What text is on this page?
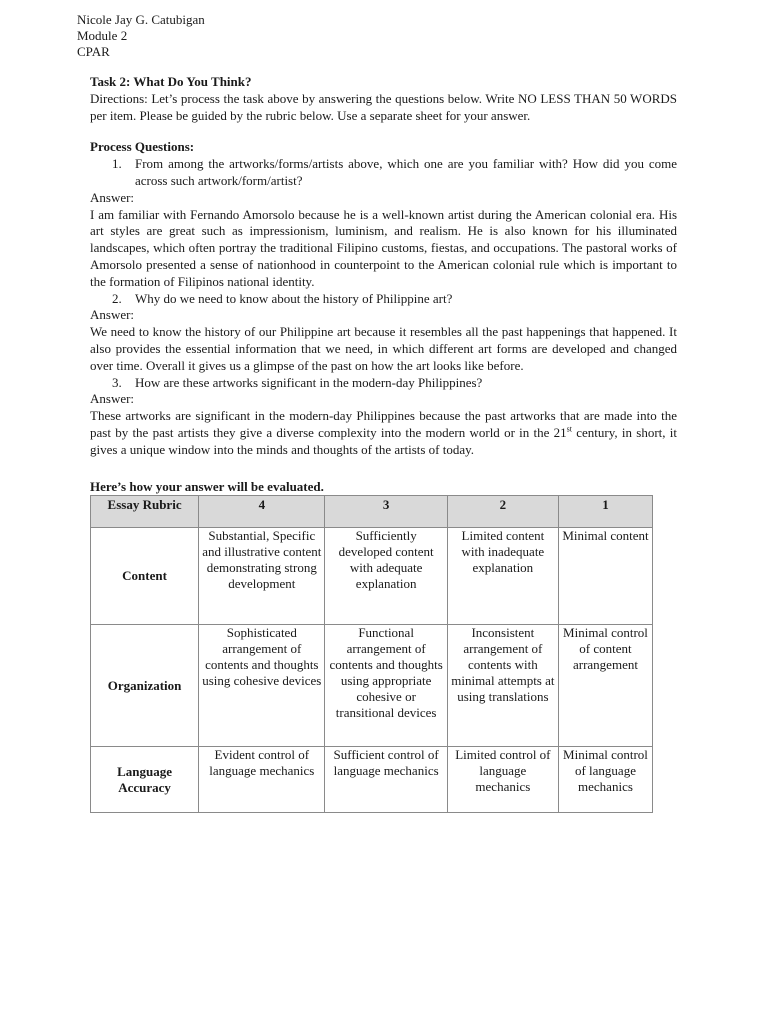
Nicole Jay G. Catubigan
Module 2
CPAR
Task 2: What Do You Think?
Directions: Let’s process the task above by answering the questions below. Write NO LESS THAN 50 WORDS per item. Please be guided by the rubric below. Use a separate sheet for your answer.
Process Questions:
1.	From among the artworks/forms/artists above, which one are you familiar with? How did you come across such artwork/form/artist?
Answer:
I am familiar with Fernando Amorsolo because he is a well-known artist during the American colonial era. His art styles are great such as impressionism, luminism, and realism. He is also known for his illuminated landscapes, which often portray the traditional Filipino customs, fiestas, and occupations. The pastoral works of Amorsolo presented a sense of nationhood in counterpoint to the American colonial rule which is important to the formation of Filipinos national identity.
2.	Why do we need to know about the history of Philippine art?
Answer:
We need to know the history of our Philippine art because it resembles all the past happenings that happened. It also provides the essential information that we need, in which different art forms are developed and changed over time. Overall it gives us a glimpse of the past on how the art looks like before.
3.	How are these artworks significant in the modern-day Philippines?
Answer:
These artworks are significant in the modern-day Philippines because the past artworks that are made into the past by the past artists they give a diverse complexity into the modern world or in the 21st century, in short, it gives a unique window into the minds and thoughts of the artists of today.
Here’s how your answer will be evaluated.
Essay Rubric	4	3	2	1
Content	Substantial, Specific and illustrative content demonstrating strong development	Sufficiently developed content with adequate explanation	Limited content with inadequate explanation	Minimal content
Organization	Sophisticated arrangement of contents and thoughts using cohesive devices	Functional arrangement of contents and thoughts using appropriate cohesive or transitional devices	Inconsistent arrangement of contents with minimal attempts at using translations	Minimal control of content arrangement
Language Accuracy	Evident control of language mechanics	Sufficient control of language mechanics	Limited control of language mechanics	Minimal control of language mechanics
